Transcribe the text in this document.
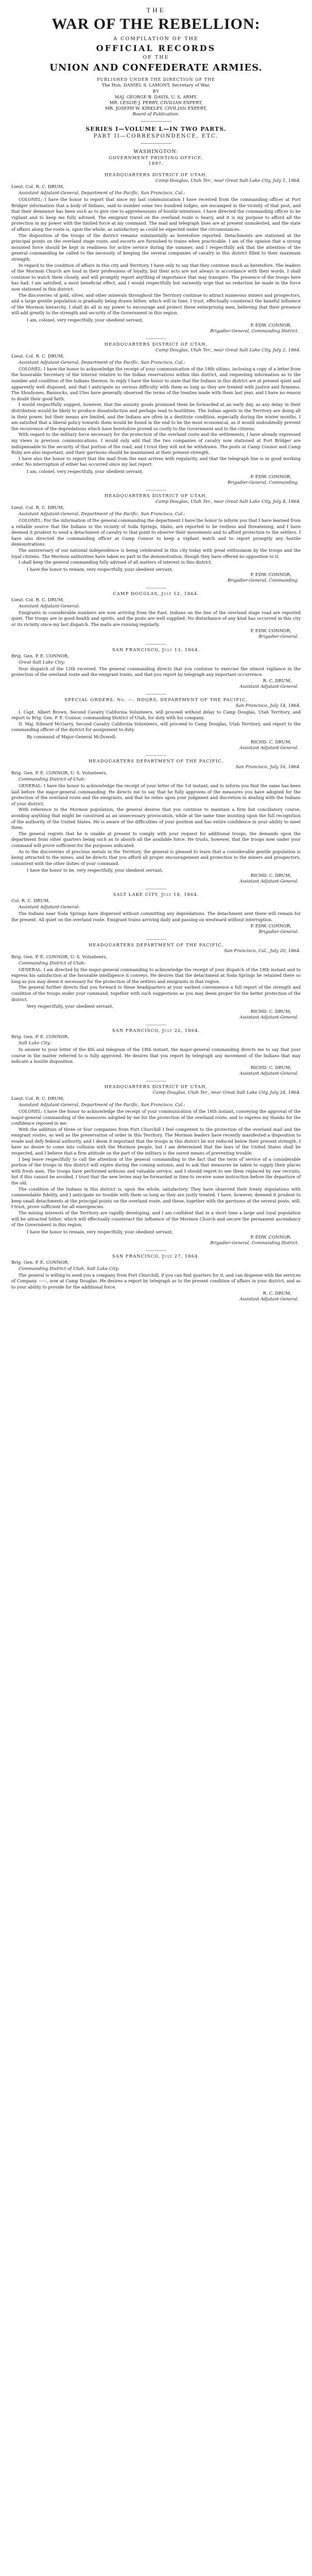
THE
WAR OF THE REBELLION:
A COMPILATION OF THE
OFFICIAL RECORDS
OF THE
UNION AND CONFEDERATE ARMIES.
PUBLISHED UNDER THE DIRECTION OF THE
The Hon. DANIEL S. LAMONT, Secretary of War,
BY
MAJ. GEORGE B. DAVIS, U. S. ARMY,
MR. LESLIE J. PERRY, CIVILIAN EXPERT,
MR. JOSEPH W. KIRKLEY, CIVILIAN EXPERT,
Board of Publication.
SERIES I—VOLUME L—IN TWO PARTS.
PART II—CORRESPONDENCE, ETC.
WASHINGTON:
GOVERNMENT PRINTING OFFICE.
1897.
HEADQUARTERS DISTRICT OF UTAH,
Camp Douglas, Utah Ter., near Great Salt Lake City, July 1, 1864.
Lieut. Col. R. C. DRUM,
Assistant Adjutant-General, Department of the Pacific, San Francisco, Cal.:

COLONEL: I have the honor to report that since my last communication I have received from the commanding officer at Fort Bridger information that a body of Indians, said to number some two hundred lodges, are encamped in the vicinity of that post, and that their demeanor has been such as to give rise to apprehensions of hostile intentions. I have directed the commanding officer to be vigilant and to keep me fully advised. The emigrant travel on the overland route is heavy, and it is my purpose to afford all the protection in my power with the limited force at my command. The mail and telegraph lines are at present unmolested, and the state of affairs along the route is, upon the whole, as satisfactory as could be expected under the circumstances.

The disposition of the troops of the district remains substantially as heretofore reported. Detachments are stationed at the principal points on the overland stage route, and escorts are furnished to trains when practicable. I am of the opinion that a strong mounted force should be kept in readiness for active service during the summer, and I respectfully ask that the attention of the general commanding be called to the necessity of keeping the several companies of cavalry in this district filled to their maximum strength.

In regard to the condition of affairs in this city and Territory, I have only to say that they continue much as heretofore. The leaders of the Mormon Church are loud in their professions of loyalty, but their acts are not always in accordance with their words. I shall continue to watch them closely, and will promptly report anything of importance that may transpire. The presence of the troops here has had, I am satisfied, a most beneficial effect, and I would respectfully but earnestly urge that no reduction be made in the force now stationed in this district.

The discoveries of gold, silver, and other minerals throughout the Territory continue to attract numerous miners and prospectors, and a large gentile population is gradually being drawn hither, which will in time, I trust, effectually counteract the baneful influence of the Mormon hierarchy. I shall do all in my power to encourage and protect these enterprising men, believing that their presence will add greatly to the strength and security of the Government in this region.

I am, colonel, very respectfully, your obedient servant,
P. EDW. CONNOR,
Brigadier-General, Commanding District.
HEADQUARTERS DISTRICT OF UTAH,
Camp Douglas, Utah Ter., near Great Salt Lake City, July 2, 1864.
Lieut. Col. R. C. DRUM,
Assistant Adjutant-General, Department of the Pacific, San Francisco, Cal.:

COLONEL: I have the honor to acknowledge the receipt of your communication of the 18th ultimo, inclosing a copy of a letter from the honorable Secretary of the Interior relative to the Indian reservations within this district, and requesting information as to the number and condition of the Indians thereon. In reply I have the honor to state that the Indians in this district are at present quiet and apparently well disposed, and that I anticipate no serious difficulty with them so long as they are treated with justice and firmness. The Shoshones, Bannocks, and Utes have generally observed the terms of the treaties made with them last year, and I have no reason to doubt their good faith.

I would respectfully suggest, however, that the annuity goods promised them be forwarded at an early day, as any delay in their distribution would be likely to produce dissatisfaction and perhaps lead to hostilities. The Indian agents in the Territory are doing all in their power, but their means are limited, and the Indians are often in a destitute condition, especially during the winter months. I am satisfied that a liberal policy towards them would be found in the end to be the most economical, as it would undoubtedly prevent the recurrence of the depredations which have heretofore proved so costly to the Government and to the citizens.

With regard to the military force necessary for the protection of the overland route and the settlements, I have already expressed my views in previous communications. I would only add that the two companies of cavalry now stationed at Fort Bridger are indispensable to the security of that portion of the road, and I trust they will not be withdrawn. The posts at Camp Connor and Camp Ruby are also important, and their garrisons should be maintained at their present strength.

I have also the honor to report that the mail from the east arrives with regularity, and that the telegraph line is in good working order. No interruption of either has occurred since my last report.

I am, colonel, very respectfully, your obedient servant,
P. EDW. CONNOR,
Brigadier-General, Commanding.
HEADQUARTERS DISTRICT OF UTAH,
Camp Douglas, Utah Ter., near Great Salt Lake City, July 4, 1864.
Lieut. Col. R. C. DRUM,
Assistant Adjutant-General, Department of the Pacific, San Francisco, Cal.:

COLONEL: For the information of the general commanding the department I have the honor to inform you that I have learned from a reliable source that the Indians in the vicinity of Soda Springs, Idaho, are reported to be restless and threatening, and I have deemed it prudent to send a detachment of cavalry to that point to observe their movements and to afford protection to the settlers. I have also directed the commanding officer at Camp Connor to keep a vigilant watch and to report promptly any hostile demonstrations.

The anniversary of our national independence is being celebrated in this city today with great enthusiasm by the troops and the loyal citizens. The Mormon authorities have taken no part in the demonstration, though they have offered no opposition to it.

I shall keep the general commanding fully advised of all matters of interest in this district.

I have the honor to remain, very respectfully, your obedient servant,
P. EDW. CONNOR,
Brigadier-General, Commanding.
CAMP DOUGLAS, July 12, 1864.
Lieut. Col. R. C. DRUM,
Assistant Adjutant-General:

Emigrants in considerable numbers are now arriving from the East. Indians on the line of the overland stage road are reported quiet. The troops are in good health and spirits, and the posts are well supplied. No disturbance of any kind has occurred in this city or its vicinity since my last dispatch. The mails are running regularly.

P. EDW. CONNOR,
Brigadier-General.
SAN FRANCISCO, July 13, 1864.
Brig. Gen. P. E. CONNOR,
Great Salt Lake City:

Your dispatch of the 12th received. The general commanding directs that you continue to exercise the utmost vigilance in the protection of the overland route and the emigrant trains, and that you report by telegraph any important occurrence.

R. C. DRUM,
Assistant Adjutant-General.
SPECIAL ORDERS, No. —. HDQRS. DEPARTMENT OF THE PACIFIC,
San Francisco, July 14, 1864.

I. Capt. Albert Brown, Second Cavalry California Volunteers, will proceed without delay to Camp Douglas, Utah Territory, and report to Brig. Gen. P. E. Connor, commanding District of Utah, for duty with his company.

II. Maj. Edward McGarry, Second Cavalry California Volunteers, will proceed to Camp Douglas, Utah Territory, and report to the commanding officer of the district for assignment to duty.

By command of Major-General McDowell:
RICHD. C. DRUM,
Assistant Adjutant-General.
HEADQUARTERS DEPARTMENT OF THE PACIFIC,
San Francisco, July 16, 1864.
Brig. Gen. P. E. CONNOR, U. S. Volunteers,
Commanding District of Utah:

GENERAL: I have the honor to acknowledge the receipt of your letter of the 1st instant, and to inform you that the same has been laid before the major-general commanding. He directs me to say that he fully approves of the measures you have adopted for the protection of the overland route and the emigrants, and that he relies upon your judgment and discretion in dealing with the Indians of your district.

With reference to the Mormon population, the general desires that you continue to maintain a firm but conciliatory course, avoiding anything that might be construed as an unnecessary provocation, while at the same time insisting upon the full recognition of the authority of the United States. He is aware of the difficulties of your position and has entire confidence in your ability to meet them.

The general regrets that he is unable at present to comply with your request for additional troops, the demands upon the department from other quarters being such as to absorb all the available force. He trusts, however, that the troops now under your command will prove sufficient for the purposes indicated.

As to the discoveries of precious metals in the Territory, the general is pleased to learn that a considerable gentile population is being attracted to the mines, and he directs that you afford all proper encouragement and protection to the miners and prospectors, consistent with the other duties of your command.

I have the honor to be, very respectfully, your obedient servant,
RICHD. C. DRUM,
Assistant Adjutant-General.
SALT LAKE CITY, July 18, 1864.
Col. R. C. DRUM,
Assistant Adjutant-General:

The Indians near Soda Springs have dispersed without committing any depredations. The detachment sent there will remain for the present. All quiet on the overland route. Emigrant trains arriving daily and passing on westward without interruption.

P. EDW. CONNOR,
Brigadier-General.
HEADQUARTERS DEPARTMENT OF THE PACIFIC,
San Francisco, Cal., July 20, 1864.
Brig. Gen. P. E. CONNOR, U. S. Volunteers,
Commanding District of Utah:

GENERAL: I am directed by the major-general commanding to acknowledge the receipt of your dispatch of the 18th instant and to express his satisfaction at the favorable intelligence it conveys. He desires that the detachment at Soda Springs be retained there so long as you may deem it necessary for the protection of the settlers and emigrants in that region.

The general further directs that you forward to these headquarters at your earliest convenience a full report of the strength and condition of the troops under your command, together with such suggestions as you may deem proper for the better protection of the district.

Very respectfully, your obedient servant,
RICHD. C. DRUM,
Assistant Adjutant-General.
SAN FRANCISCO, July 22, 1864.
Brig. Gen. P. E. CONNOR,
Salt Lake City:

In answer to your letter of the 4th and telegram of the 18th instant, the major-general commanding directs me to say that your course in the matter referred to is fully approved. He desires that you report by telegraph any movement of the Indians that may indicate a hostile disposition.

RICHD. C. DRUM,
Assistant Adjutant-General.
HEADQUARTERS DISTRICT OF UTAH,
Camp Douglas, Utah Ter., near Great Salt Lake City, July 24, 1864.
Lieut. Col. R. C. DRUM,
Assistant Adjutant-General, Department of the Pacific, San Francisco, Cal.:

COLONEL: I have the honor to acknowledge the receipt of your communication of the 16th instant, conveying the approval of the major-general commanding of the measures adopted by me for the protection of the overland route, and to express my thanks for the confidence reposed in me.

With the addition of three or four companies from Fort Churchill I feel competent to the protection of the overland mail and the emigrant routes, as well as the preservation of order in this Territory. The Mormon leaders have recently manifested a disposition to evade and defy federal authority, and I deem it important that the troops in this district be not reduced below their present strength. I have no desire to come into collision with the Mormon people, but I am determined that the laws of the United States shall be respected, and I believe that a firm attitude on the part of the military is the surest means of preventing trouble.

I beg leave respectfully to call the attention of the general commanding to the fact that the term of service of a considerable portion of the troops in this district will expire during the coming autumn, and to ask that measures be taken to supply their places with fresh men. The troops have performed arduous and valuable service, and I should regret to see them replaced by raw recruits; but if this cannot be avoided, I trust that the new levies may be forwarded in time to receive some instruction before the departure of the old.

The condition of the Indians in this district is, upon the whole, satisfactory. They have observed their treaty stipulations with commendable fidelity, and I anticipate no trouble with them so long as they are justly treated. I have, however, deemed it prudent to keep small detachments at the principal points on the overland route, and these, together with the garrisons at the several posts, will, I trust, prove sufficient for all emergencies.

The mining interests of the Territory are rapidly developing, and I am confident that in a short time a large and loyal population will be attracted hither, which will effectually counteract the influence of the Mormon Church and secure the permanent ascendancy of the Government in this region.

I have the honor to remain, very respectfully, your obedient servant,
P. EDW. CONNOR,
Brigadier-General, Commanding District.
SAN FRANCISCO, July 27, 1864.
Brig. Gen. P. E. CONNOR,
Commanding District of Utah, Salt Lake City:

The general is willing to send you a company from Fort Churchill, if you can find quarters for it, and can dispense with the services of Company ——, now at Camp Douglas. He desires a report by telegraph as to the present condition of affairs in your district, and as to your ability to provide for the additional force.

R. C. DRUM,
Assistant Adjutant-General.
